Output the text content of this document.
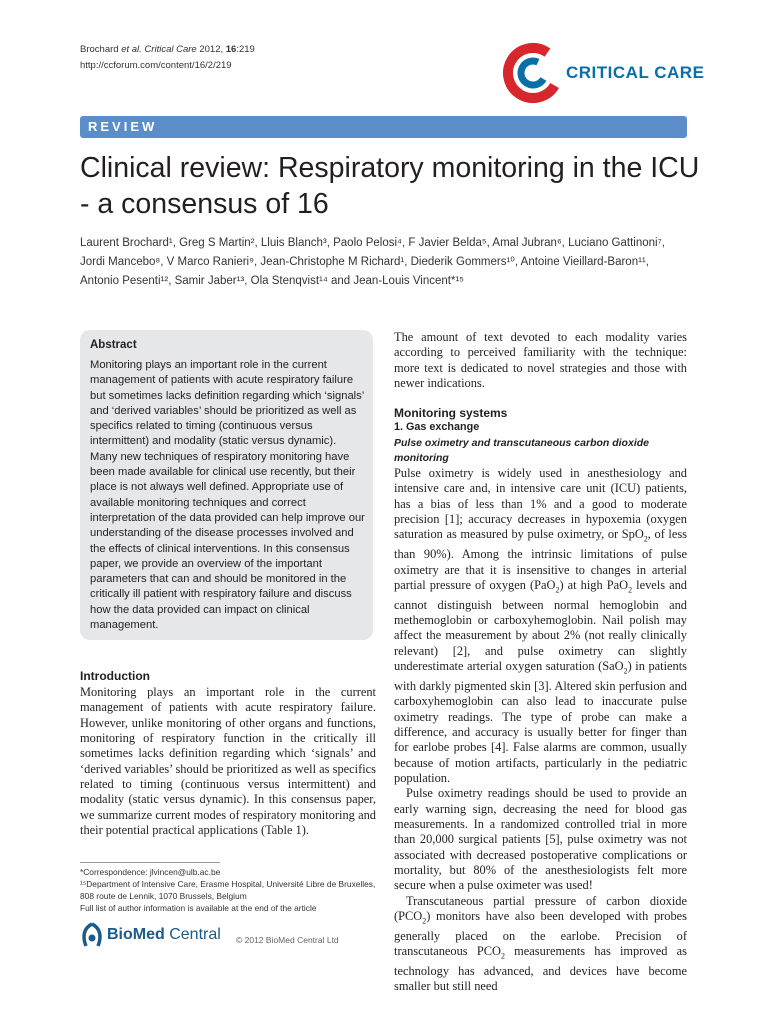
Brochard et al. Critical Care 2012, 16:219
http://ccforum.com/content/16/2/219	CRITICAL CARE
REVIEW
Clinical review: Respiratory monitoring in the ICU - a consensus of 16
Laurent Brochard¹, Greg S Martin², Lluis Blanch³, Paolo Pelosi⁴, F Javier Belda⁵, Amal Jubran⁶, Luciano Gattinoni⁷, Jordi Mancebo⁸, V Marco Ranieri⁹, Jean-Christophe M Richard¹, Diederik Gommers¹⁰, Antoine Vieillard-Baron¹¹, Antonio Pesenti¹², Samir Jaber¹³, Ola Stenqvist¹⁴ and Jean-Louis Vincent*¹⁵
Abstract
Monitoring plays an important role in the current management of patients with acute respiratory failure but sometimes lacks definition regarding which ‘signals’ and ‘derived variables’ should be prioritized as well as specifics related to timing (continuous versus intermittent) and modality (static versus dynamic). Many new techniques of respiratory monitoring have been made available for clinical use recently, but their place is not always well defined. Appropriate use of available monitoring techniques and correct interpretation of the data provided can help improve our understanding of the disease processes involved and the effects of clinical interventions. In this consensus paper, we provide an overview of the important parameters that can and should be monitored in the critically ill patient with respiratory failure and discuss how the data provided can impact on clinical management.
Introduction
Monitoring plays an important role in the current management of patients with acute respiratory failure. However, unlike monitoring of other organs and functions, monitoring of respiratory function in the critically ill sometimes lacks definition regarding which ‘signals’ and ‘derived variables’ should be prioritized as well as specifics related to timing (continuous versus intermittent) and modality (static versus dynamic). In this consensus paper, we summarize current modes of respiratory monitoring and their potential practical applications (Table 1).
*Correspondence: jlvincen@ulb.ac.be
¹⁵Department of Intensive Care, Erasme Hospital, Université Libre de Bruxelles, 808 route de Lennik, 1070 Brussels, Belgium
Full list of author information is available at the end of the article
BioMed Central © 2012 BioMed Central Ltd
The amount of text devoted to each modality varies according to perceived familiarity with the technique: more text is dedicated to novel strategies and those with newer indications.
Monitoring systems
1. Gas exchange
Pulse oximetry and transcutaneous carbon dioxide monitoring
Pulse oximetry is widely used in anesthesiology and intensive care and, in intensive care unit (ICU) patients, has a bias of less than 1% and a good to moderate precision [1]; accuracy decreases in hypoxemia (oxygen saturation as measured by pulse oximetry, or SpO$_2$, of less than 90%). Among the intrinsic limitations of pulse oximetry are that it is insensitive to changes in arterial partial pressure of oxygen (PaO$_2$) at high PaO$_2$ levels and cannot distinguish between normal hemoglobin and methemoglobin or carboxyhemoglobin. Nail polish may affect the measurement by about 2% (not really clinically relevant) [2], and pulse oximetry can slightly underestimate arterial oxygen saturation (SaO$_2$) in patients with darkly pigmented skin [3]. Altered skin perfusion and carboxyhemoglobin can also lead to inaccurate pulse oximetry readings. The type of probe can make a difference, and accuracy is usually better for finger than for earlobe probes [4]. False alarms are common, usually because of motion artifacts, particularly in the pediatric population.
Pulse oximetry readings should be used to provide an early warning sign, decreasing the need for blood gas measurements. In a randomized controlled trial in more than 20,000 surgical patients [5], pulse oximetry was not associated with decreased postoperative complications or mortality, but 80% of the anesthesiologists felt more secure when a pulse oximeter was used!
Transcutaneous partial pressure of carbon dioxide $(PCO_2)$ monitors have also been developed with probes generally placed on the earlobe. Precision of transcutaneous $PCO_2$ measurements has improved as technology has advanced, and devices have become smaller but still need
